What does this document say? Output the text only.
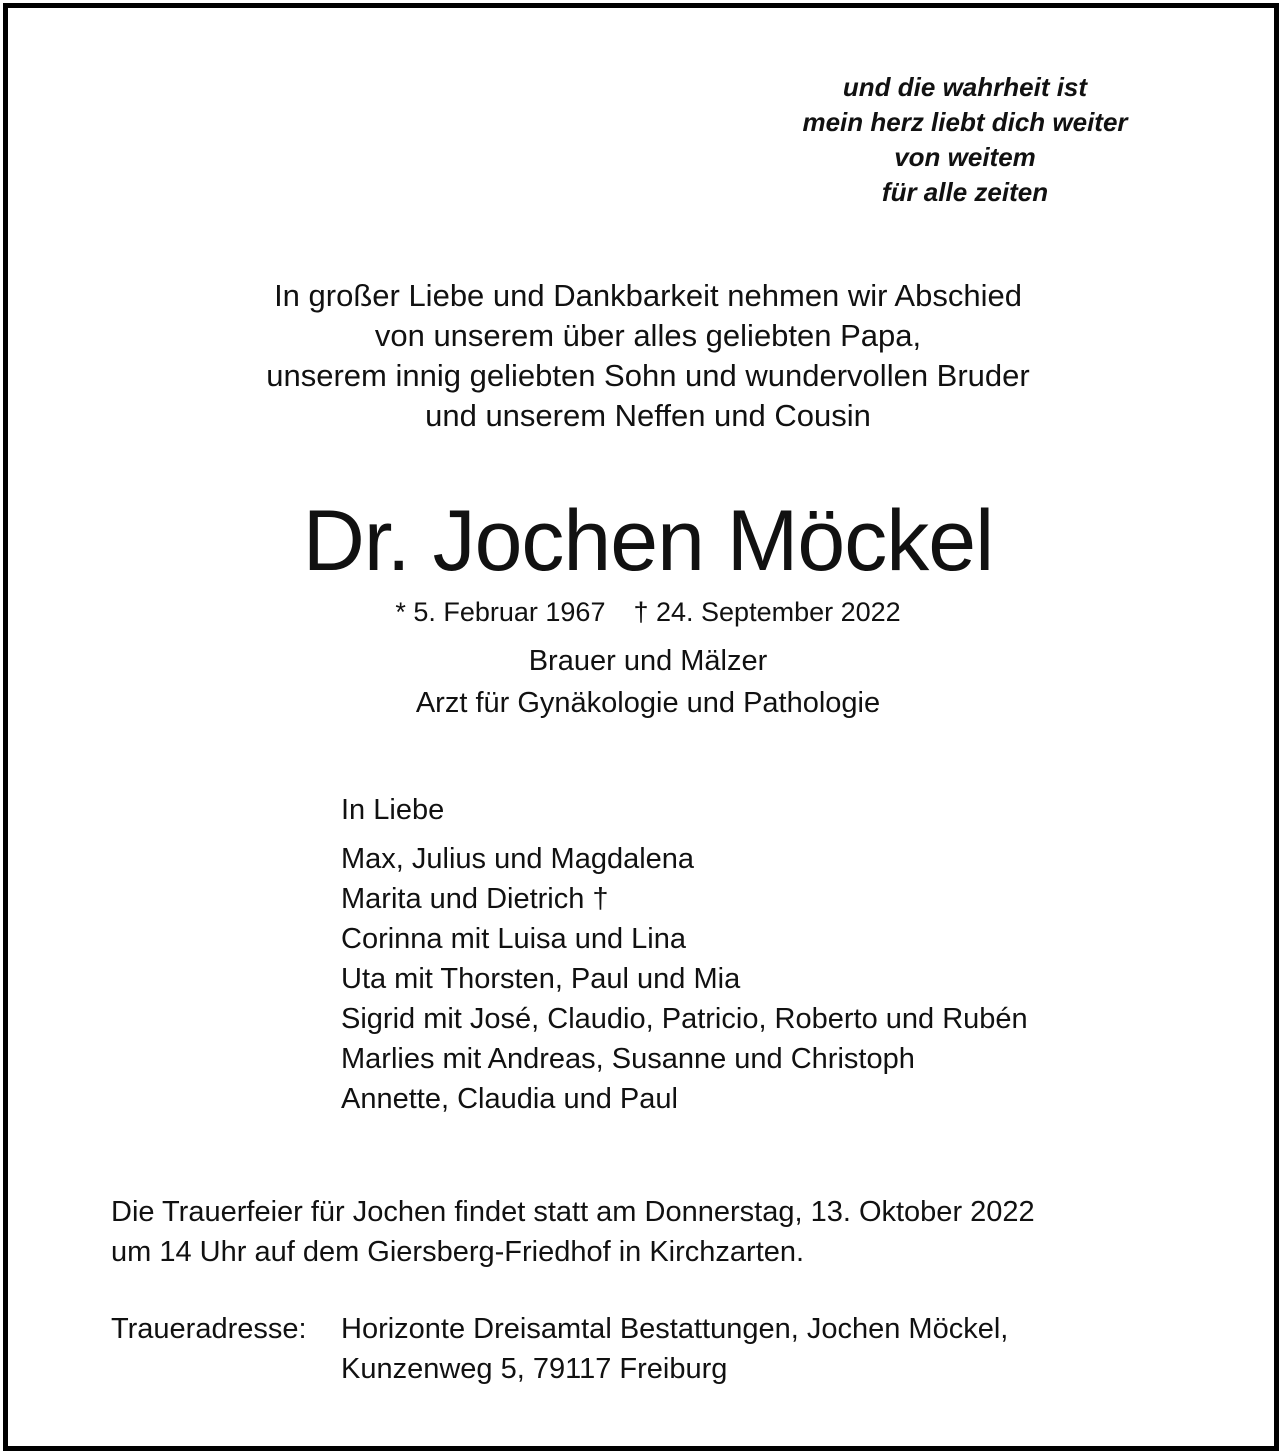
und die wahrheit ist
mein herz liebt dich weiter
von weitem
für alle zeiten
In großer Liebe und Dankbarkeit nehmen wir Abschied
von unserem über alles geliebten Papa,
unserem innig geliebten Sohn und wundervollen Bruder
und unserem Neffen und Cousin
Dr. Jochen Möckel
* 5. Februar 1967 † 24. September 2022
Brauer und Mälzer
Arzt für Gynäkologie und Pathologie
In Liebe
Max, Julius und Magdalena
Marita und Dietrich †
Corinna mit Luisa und Lina
Uta mit Thorsten, Paul und Mia
Sigrid mit José, Claudio, Patricio, Roberto und Rubén
Marlies mit Andreas, Susanne und Christoph
Annette, Claudia und Paul
Die Trauerfeier für Jochen findet statt am Donnerstag, 13. Oktober 2022
um 14 Uhr auf dem Giersberg-Friedhof in Kirchzarten.
Traueradresse:	Horizonte Dreisamtal Bestattungen, Jochen Möckel,
Kunzenweg 5, 79117 Freiburg
